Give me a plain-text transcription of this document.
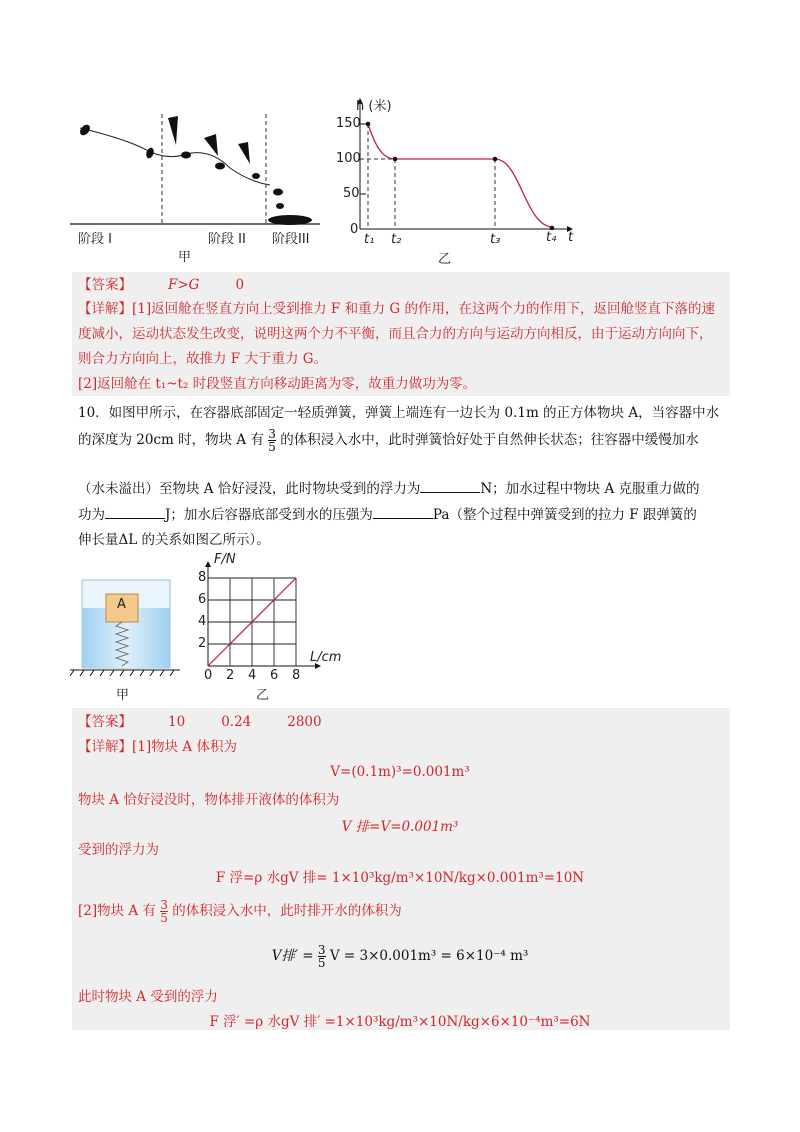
阶段 I	阶段 II 阶段III
甲
h (米)
150
100
50
0
t₁ t₂	t₃	t₄ t
乙
【答案】	F>G	0
【详解】[1]返回舱在竖直方向上受到推力 F 和重力 G 的作用，在这两个力的作用下，返回舱竖直下落的速
度减小，运动状态发生改变，说明这两个力不平衡，而且合力的方向与运动方向相反，由于运动方向向下，
则合力方向向上，故推力 F 大于重力 G。
[2]返回舱在 t₁~t₂ 时段竖直方向移动距离为零，故重力做功为零。
10．如图甲所示，在容器底部固定一轻质弹簧，弹簧上端连有一边长为 0.1m 的正方体物块 A，当容器中水
的深度为 20cm 时，物块 A 有 $\frac{3}{5}$ 的体积浸入水中，此时弹簧恰好处于自然伸长状态；往容器中缓慢加水
（水未溢出）至物块 A 恰好浸没，此时物块受到的浮力为	N；加水过程中物块 A 克服重力做的
功为	J；加水后容器底部受到水的压强为	Pa（整个过程中弹簧受到的拉力 F 跟弹簧的
伸长量ΔL 的关系如图乙所示）。
A
甲
F/N
8
6
4
2
L/cm
0 2 4 6 8
乙
【答案】	10	0.24	2800
【详解】[1]物块 A 体积为
V=(0.1m)³=0.001m³
物块 A 恰好浸没时，物体排开液体的体积为
V 排=V=0.001m³
受到的浮力为
F 浮=ρ 水gV 排= 1×10³kg/m³×10N/kg×0.001m³=10N
[2]物块 A 有 $\frac{3}{5}$ 的体积浸入水中，此时排开水的体积为
V排′ = $\frac{3}{5}$ V = 3×0.001m³ = 6×10⁻⁴ m³
此时物块 A 受到的浮力
F 浮′ =ρ 水gV 排′ =1×10³kg/m³×10N/kg×6×10⁻⁴m³=6N
